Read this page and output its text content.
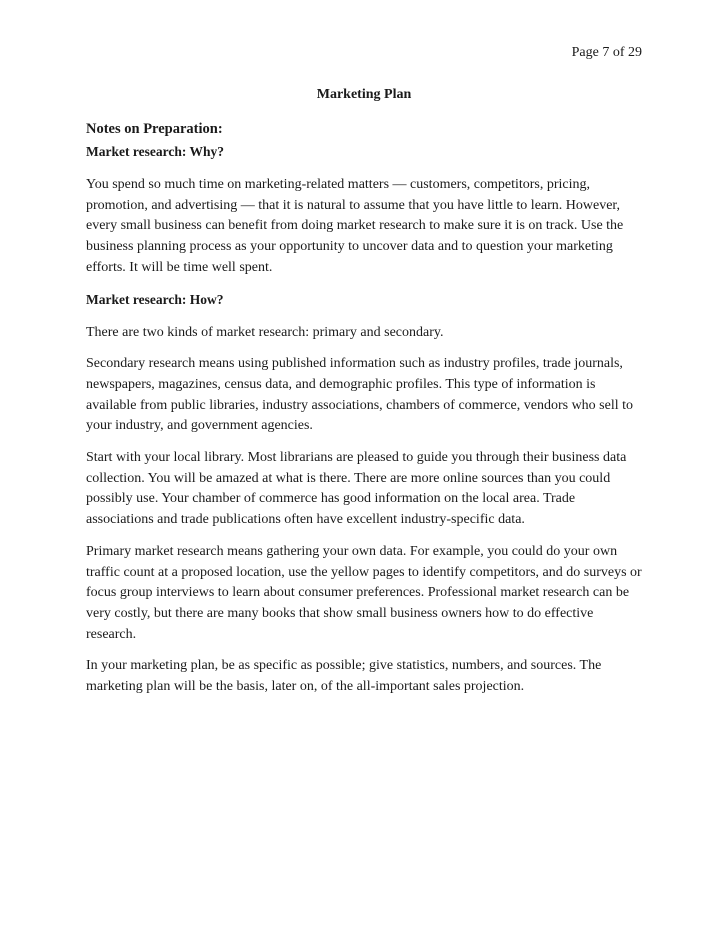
Page 7 of 29
Marketing Plan
Notes on Preparation:
Market research: Why?

You spend so much time on marketing-related matters — customers, competitors, pricing, promotion, and advertising — that it is natural to assume that you have little to learn. However, every small business can benefit from doing market research to make sure it is on track. Use the business planning process as your opportunity to uncover data and to question your marketing efforts. It will be time well spent.

Market research: How?

There are two kinds of market research: primary and secondary.

Secondary research means using published information such as industry profiles, trade journals, newspapers, magazines, census data, and demographic profiles. This type of information is available from public libraries, industry associations, chambers of commerce, vendors who sell to your industry, and government agencies.

Start with your local library. Most librarians are pleased to guide you through their business data collection. You will be amazed at what is there. There are more online sources than you could possibly use. Your chamber of commerce has good information on the local area. Trade associations and trade publications often have excellent industry-specific data.

Primary market research means gathering your own data. For example, you could do your own traffic count at a proposed location, use the yellow pages to identify competitors, and do surveys or focus group interviews to learn about consumer preferences. Professional market research can be very costly, but there are many books that show small business owners how to do effective research.

In your marketing plan, be as specific as possible; give statistics, numbers, and sources. The marketing plan will be the basis, later on, of the all-important sales projection.
